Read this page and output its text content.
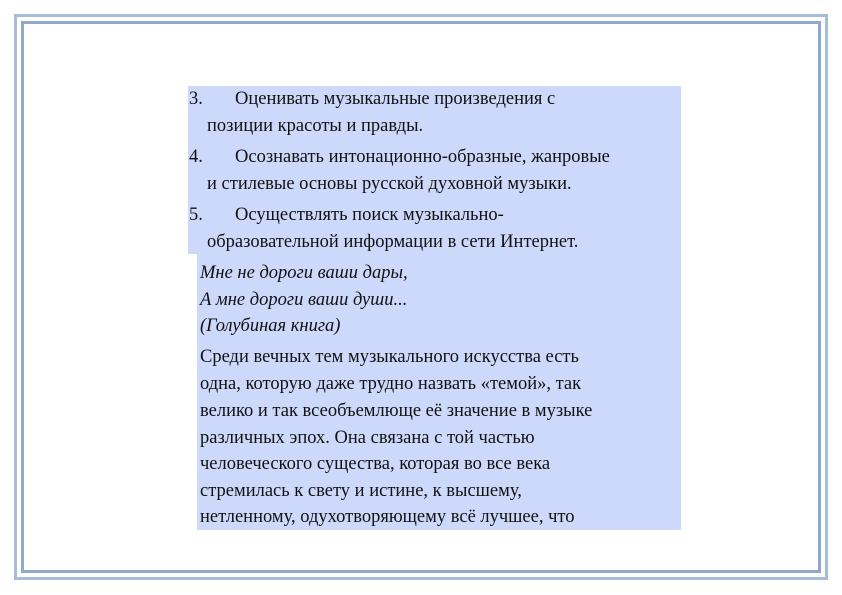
3. Оценивать музыкальные произведения с
позиции красоты и правды.
4. Осознавать интонационно-образные, жанровые
и стилевые основы русской духовной музыки.
5. Осуществлять поиск музыкально-
образовательной информации в сети Интернет.
Мне не дороги ваши дары,
А мне дороги ваши души...
(Голубиная книга)
Среди вечных тем музыкального искусства есть
одна, которую даже трудно назвать «темой», так
велико и так всеобъемлюще её значение в музыке
различных эпох. Она связана с той частью
человеческого существа, которая во все века
стремилась к свету и истине, к высшему,
нетленному, одухотворяющему всё лучшее, что
